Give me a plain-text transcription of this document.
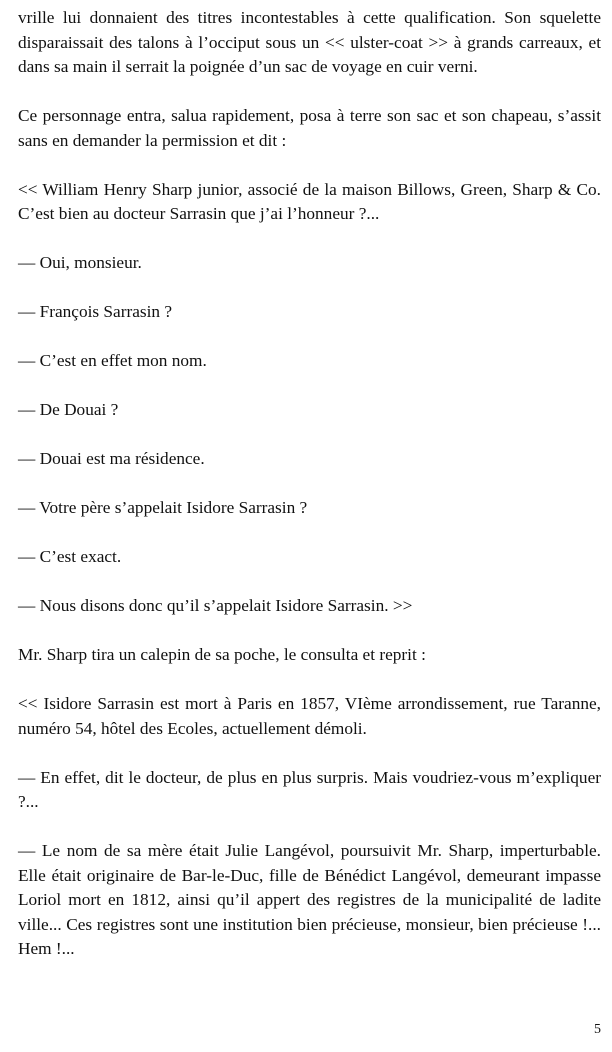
vrille lui donnaient des titres incontestables à cette qualification. Son squelette disparaissait des talons à l’occiput sous un << ulster-coat >> à grands carreaux, et dans sa main il serrait la poignée d’un sac de voyage en cuir verni.

Ce personnage entra, salua rapidement, posa à terre son sac et son chapeau, s’assit sans en demander la permission et dit :

<< William Henry Sharp junior, associé de la maison Billows, Green, Sharp & Co. C’est bien au docteur Sarrasin que j’ai l’honneur ?...

— Oui, monsieur.

— François Sarrasin ?

— C’est en effet mon nom.

— De Douai ?

— Douai est ma résidence.

— Votre père s’appelait Isidore Sarrasin ?

— C’est exact.

— Nous disons donc qu’il s’appelait Isidore Sarrasin. >>

Mr. Sharp tira un calepin de sa poche, le consulta et reprit :

<< Isidore Sarrasin est mort à Paris en 1857, VIème arrondissement, rue Taranne, numéro 54, hôtel des Ecoles, actuellement démoli.

— En effet, dit le docteur, de plus en plus surpris. Mais voudriez-vous m’expliquer ?...

— Le nom de sa mère était Julie Langévol, poursuivit Mr. Sharp, imperturbable. Elle était originaire de Bar-le-Duc, fille de Bénédict Langévol, demeurant impasse Loriol mort en 1812, ainsi qu’il appert des registres de la municipalité de ladite ville... Ces registres sont une institution bien précieuse, monsieur, bien précieuse !... Hem !...

5
